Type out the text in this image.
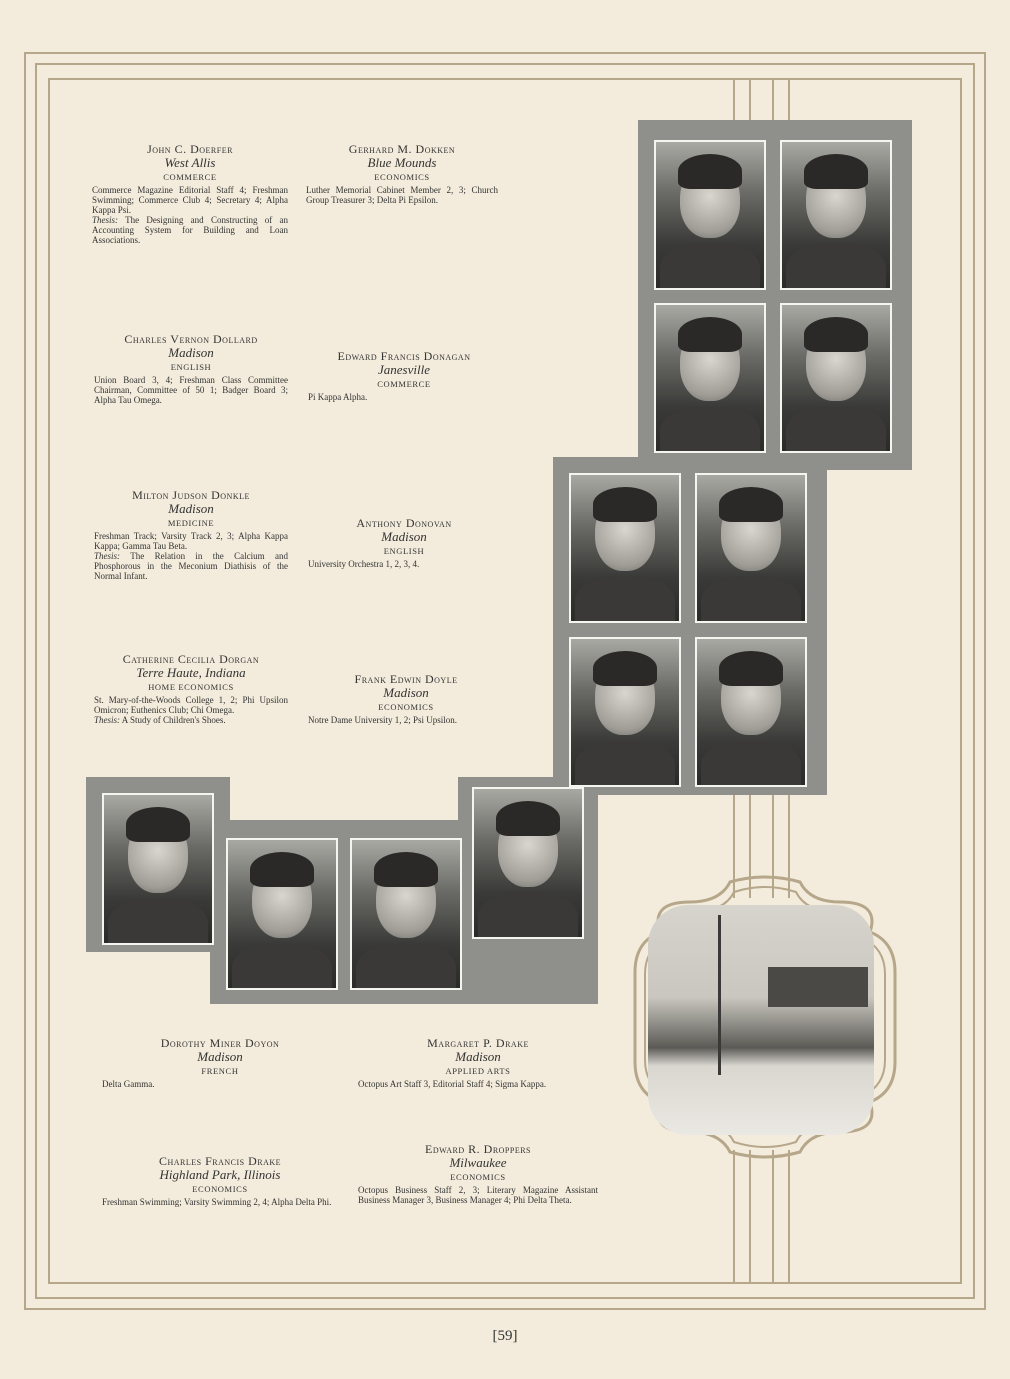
John C. Doerfer
West Allis
COMMERCE
Commerce Magazine Editorial Staff 4; Freshman Swimming; Commerce Club 4; Secretary 4; Alpha Kappa Psi.
Thesis: The Designing and Constructing of an Accounting System for Building and Loan Associations.
Gerhard M. Dokken
Blue Mounds
ECONOMICS
Luther Memorial Cabinet Member 2, 3; Church Group Treasurer 3; Delta Pi Epsilon.
Charles Vernon Dollard
Madison
ENGLISH
Union Board 3, 4; Freshman Class Committee Chairman, Committee of 50 1; Badger Board 3; Alpha Tau Omega.
Edward Francis Donagan
Janesville
COMMERCE
Pi Kappa Alpha.
Milton Judson Donkle
Madison
MEDICINE
Freshman Track; Varsity Track 2, 3; Alpha Kappa Kappa; Gamma Tau Beta.
Thesis: The Relation in the Calcium and Phosphorous in the Meconium Diathisis of the Normal Infant.
Anthony Donovan
Madison
ENGLISH
University Orchestra 1, 2, 3, 4.
Catherine Cecilia Dorgan
Terre Haute, Indiana
HOME ECONOMICS
St. Mary-of-the-Woods College 1, 2; Phi Upsilon Omicron; Euthenics Club; Chi Omega.
Thesis: A Study of Children's Shoes.
Frank Edwin Doyle
Madison
ECONOMICS
Notre Dame University 1, 2; Psi Upsilon.
Dorothy Miner Doyon
Madison
FRENCH
Delta Gamma.
Margaret P. Drake
Madison
APPLIED ARTS
Octopus Art Staff 3, Editorial Staff 4; Sigma Kappa.
Charles Francis Drake
Highland Park, Illinois
ECONOMICS
Freshman Swimming; Varsity Swimming 2, 4; Alpha Delta Phi.
Edward R. Droppers
Milwaukee
ECONOMICS
Octopus Business Staff 2, 3; Literary Magazine Assistant Business Manager 3, Business Manager 4; Phi Delta Theta.
[59]
